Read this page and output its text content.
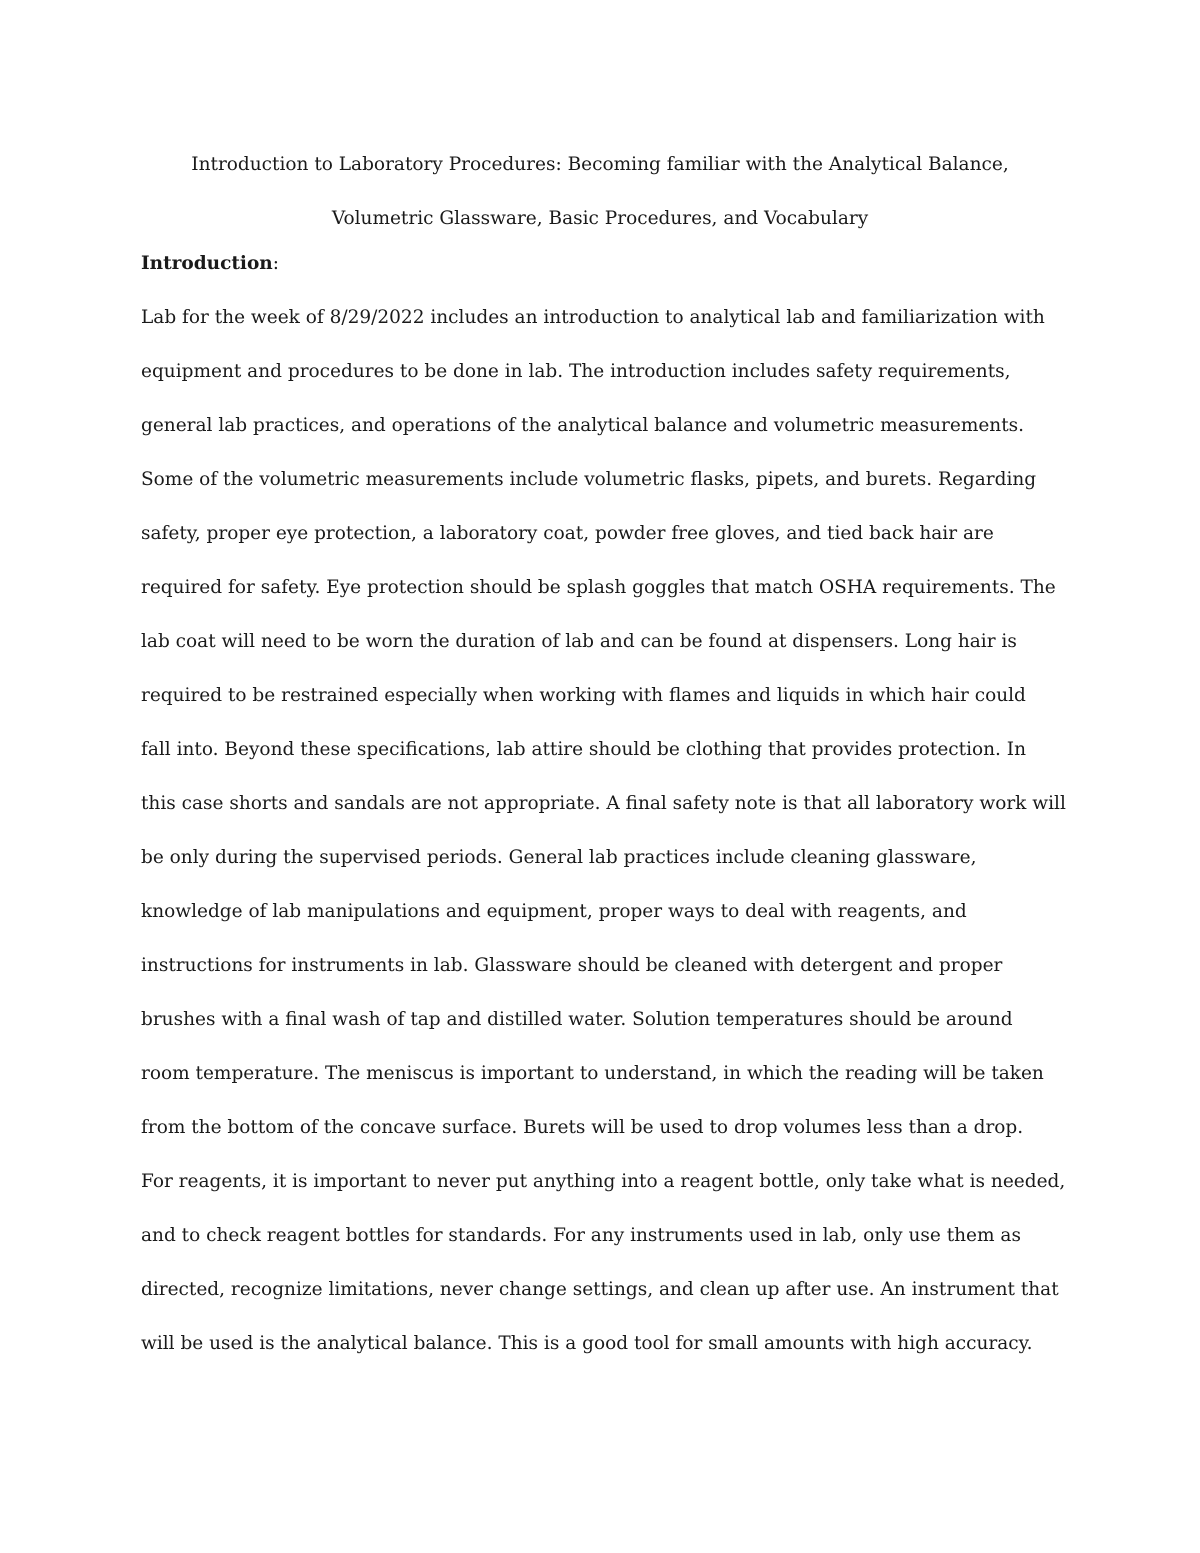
Introduction to Laboratory Procedures: Becoming familiar with the Analytical Balance,
Volumetric Glassware, Basic Procedures, and Vocabulary
Introduction:
Lab for the week of 8/29/2022 includes an introduction to analytical lab and familiarization with
equipment and procedures to be done in lab. The introduction includes safety requirements,
general lab practices, and operations of the analytical balance and volumetric measurements.
Some of the volumetric measurements include volumetric flasks, pipets, and burets. Regarding
safety, proper eye protection, a laboratory coat, powder free gloves, and tied back hair are
required for safety. Eye protection should be splash goggles that match OSHA requirements. The
lab coat will need to be worn the duration of lab and can be found at dispensers. Long hair is
required to be restrained especially when working with flames and liquids in which hair could
fall into. Beyond these specifications, lab attire should be clothing that provides protection. In
this case shorts and sandals are not appropriate. A final safety note is that all laboratory work will
be only during the supervised periods. General lab practices include cleaning glassware,
knowledge of lab manipulations and equipment, proper ways to deal with reagents, and
instructions for instruments in lab. Glassware should be cleaned with detergent and proper
brushes with a final wash of tap and distilled water. Solution temperatures should be around
room temperature. The meniscus is important to understand, in which the reading will be taken
from the bottom of the concave surface. Burets will be used to drop volumes less than a drop.
For reagents, it is important to never put anything into a reagent bottle, only take what is needed,
and to check reagent bottles for standards. For any instruments used in lab, only use them as
directed, recognize limitations, never change settings, and clean up after use. An instrument that
will be used is the analytical balance. This is a good tool for small amounts with high accuracy.
